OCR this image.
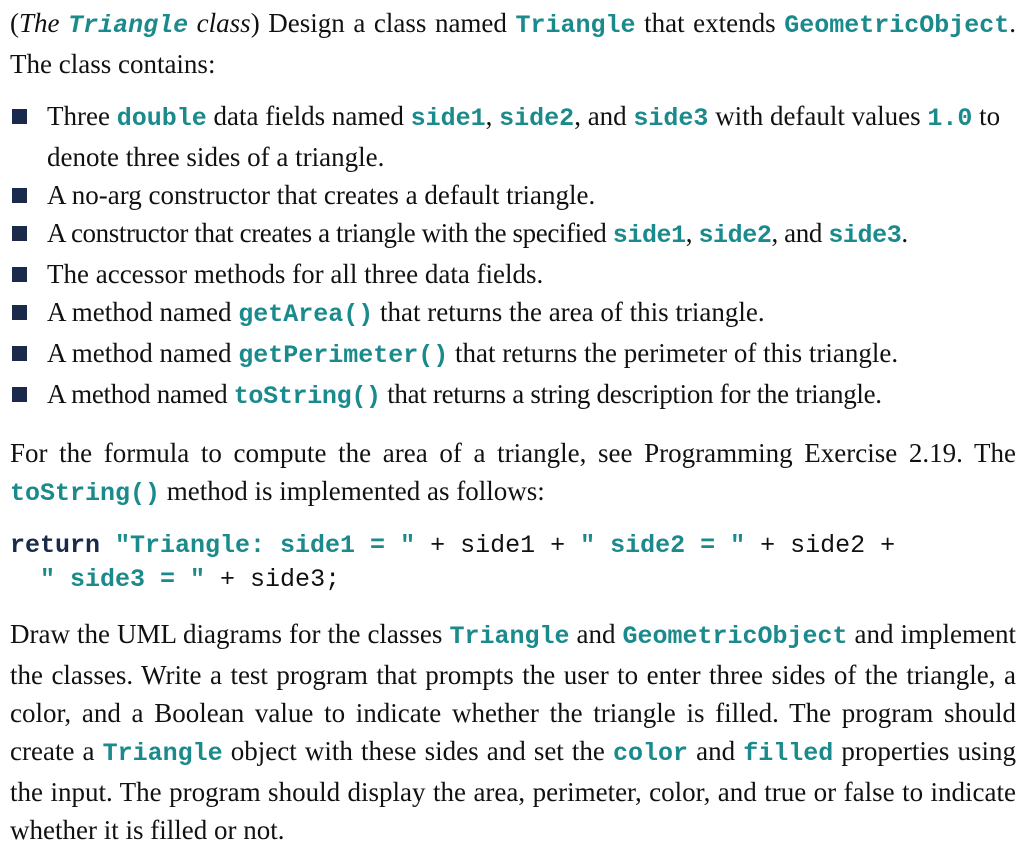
(The Triangle class) Design a class named Triangle that extends GeometricObject. The class contains:

Three double data fields named side1, side2, and side3 with default values 1.0 to denote three sides of a triangle.
A no-arg constructor that creates a default triangle.
A constructor that creates a triangle with the specified side1, side2, and side3.
The accessor methods for all three data fields.
A method named getArea() that returns the area of this triangle.
A method named getPerimeter() that returns the perimeter of this triangle.
A method named toString() that returns a string description for the triangle.

For the formula to compute the area of a triangle, see Programming Exercise 2.19. The toString() method is implemented as follows:

return "Triangle: side1 = " + side1 + " side2 = " + side2 +
" side3 = " + side3;

Draw the UML diagrams for the classes Triangle and GeometricObject and implement the classes. Write a test program that prompts the user to enter three sides of the triangle, a color, and a Boolean value to indicate whether the triangle is filled. The program should create a Triangle object with these sides and set the color and filled properties using the input. The program should display the area, perimeter, color, and true or false to indicate whether it is filled or not.
